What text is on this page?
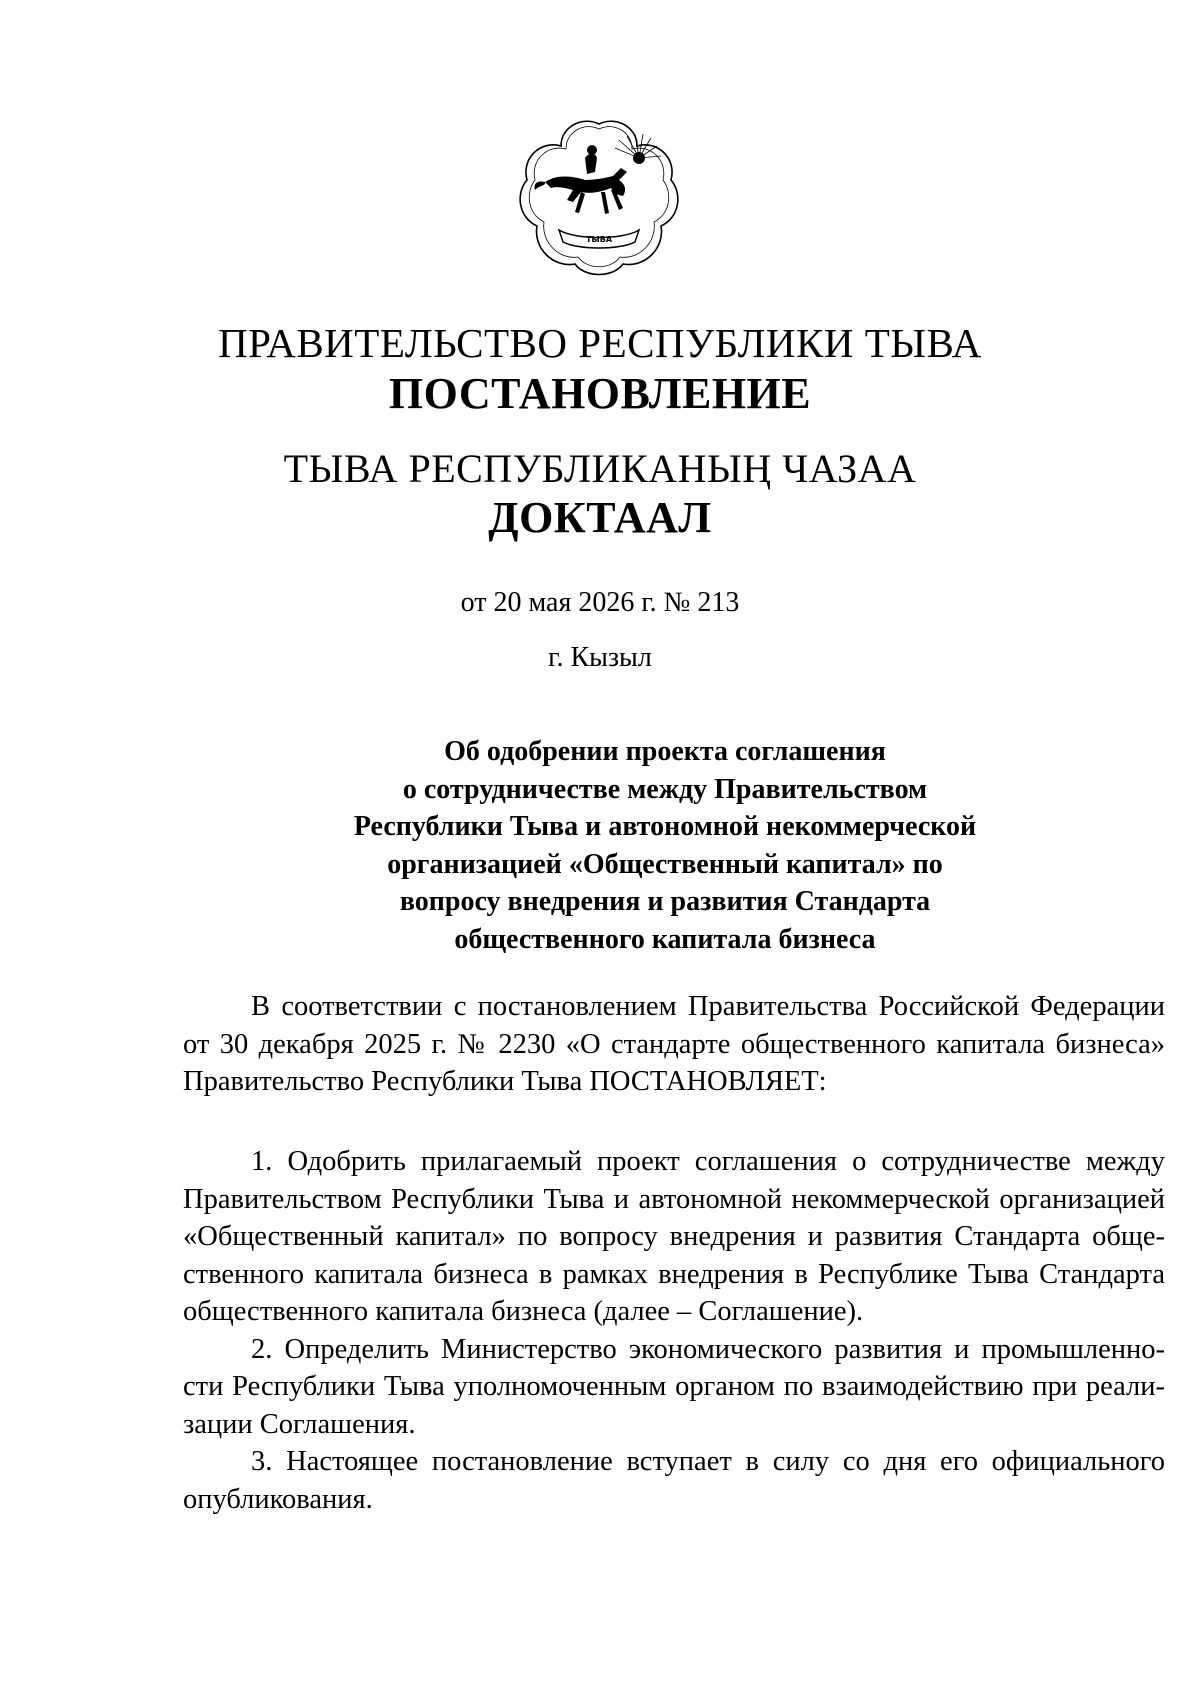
ТЫВА
ПРАВИТЕЛЬСТВО РЕСПУБЛИКИ ТЫВА
ПОСТАНОВЛЕНИЕ
ТЫВА РЕСПУБЛИКАНЫҢ ЧАЗАА
ДОКТААЛ
от 20 мая 2026 г. № 213
г. Кызыл
Об одобрении проекта соглашения
о сотрудничестве между Правительством
Республики Тыва и автономной некоммерческой
организацией «Общественный капитал» по
вопросу внедрения и развития Стандарта
общественного капитала бизнеса
В соответствии с постановлением Правительства Российской Федерации
от 30 декабря 2025 г. № 2230 «О стандарте общественного капитала бизнеса»
Правительство Республики Тыва ПОСТАНОВЛЯЕТ:
1. Одобрить прилагаемый проект соглашения о сотрудничестве между
Правительством Республики Тыва и автономной некоммерческой организацией
«Общественный капитал» по вопросу внедрения и развития Стандарта обще-
ственного капитала бизнеса в рамках внедрения в Республике Тыва Стандарта
общественного капитала бизнеса (далее – Соглашение).
2. Определить Министерство экономического развития и промышленно-
сти Республики Тыва уполномоченным органом по взаимодействию при реали-
зации Соглашения.
3. Настоящее постановление вступает в силу со дня его официального
опубликования.
